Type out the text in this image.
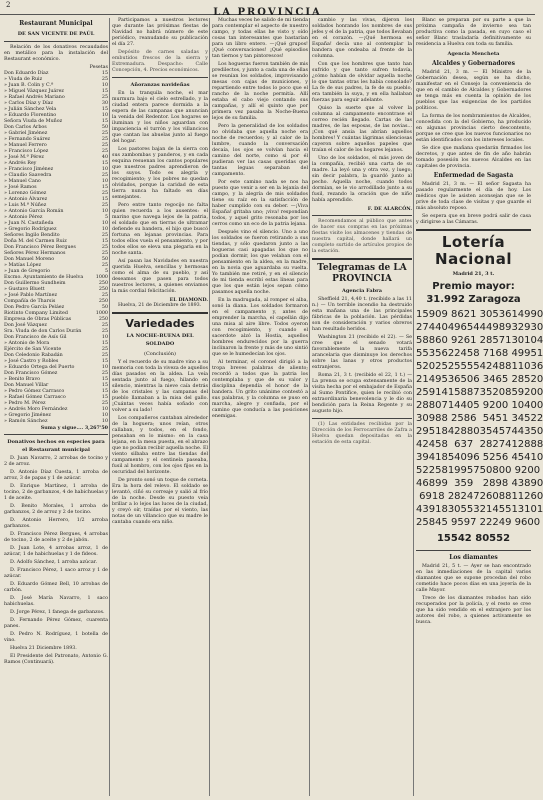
2
LA PROVINCIA
Restaurant Municipal
DE SAN VICENTE DE PAÚL

Relación de los donativos recaudados en metálico para la instalación del Restaurant económico.

Pesetas
Don Eduardo Díaz	15
» Viuda de Ruiz	25
» Juan B. Colin y C.ª	10
» Miguel Vázquez Juárez	15
» Rafael Andrés Mariano	25
» Carlos Díaz y Díaz	30
» Julián Sánchez Vela	15
» Eduardo Florentino	10
Señora Viuda de Muñoz	15
Don Carlos Arbos	50
» Gabriel Jiménez	25
» Fernando Suárez	25
» Manuel Ferrero	25
» Francisco López	25
» José M.ª Pérez	40
» Andrés Rey	15
» Francisco Jiménez	10
» Claudio Saavedra	25
» Manuel Cano	10
» José Ramos	15
» Lorenzo Gómez	25
» Antonio Álvarez	15
» Luis M.ª Núñez	25
» Antonio García Román	10
» Antonio Pérez	5
» Juan N. Castañeda	10
» Gregorio Rodríguez	10
Señores Ingilo Bendito	25
Doña M. del Carmen Ruiz	15
Don Francisco Pérez Bergues	25
Señores Pérez Hermanos	25
Don Manuel Moreno	50
» Matías López	25
» Juan de Gregorio	5
Excmo. Ayuntamiento de Huelva	1000
Don Guillermo Sundheim	250
» Gustavo Bluett	250
» José Pablo Martínez	25
Compañía de Tharsis	250
Don Pedro García Peláez	50
Riotinto Company Limited	1000
Empresa de Obras Públicas	250
Don José Vázquez	25
Sra. Viuda de don Carlos Durán	25
Don Francisco de Asís Gil	10
» Antonio de Mora	15
Ejército de San Vicente	25
Don Celedonio Rabadán	25
» José Castro y Robles	15
» Eduardo Ortega del Puerto	10
Don Francisco Gómez	25
» Benito Bravo	15
Don Manuel Villar	15
» Pedro Gómez Carrasco	15
» Rafael Gómez Carrasco	15
» Pedro M. Pérez	25
» Andrés Moro Fernández	10
» Gregorio Jiménez	10
» Ramón Sánchez	10
Suma y sigue.... 3,267'50
Donativos hechos en especies para el Restaurant municipal

D. Juan Navarro, 2 arrobas de tocino y 2 de arroz.

D. Antonio Díaz Cuesta, 1 arroba de arroz, 3 de papas y 1 de azúcar.

D. Enrique Martínez, 1 arroba de tocino, 2 de garbanzos, 4 de habichuelas y 1 de aceite.

D. Benito Morales, 1 arroba de garbanzos, 2 de arroz y 2 de tocino.

D. Antonio Herrero, 1/2 arroba garbanzos.

D. Francisco Pérez Bergues, 4 arrobas de tocino, 2 de aceite y 2 de jabón.

D. Juan Lote, 4 arrobas arroz, 1 de azúcar, 1 de habichuelas y 1 de fideos.

D. Adolfo Sánchez, 1 arroba azúcar.

D. Francisco Pérez, 1 saco arroz y 1 de azúcar.

D. Eduardo Gómez Bell, 10 arrobas de carbón.

D. José María Navarro, 1 saco habichuelas.

D. Jorge Pérez, 1 fanega de garbanzos.

D. Fernando Pérez Gómez, cuarenta panes.

D. Pedro N. Rodríguez, 1 botella de vino.

Huelva 21 Diciembre 1893.

El Presidente del Patronato, Antonio G. Ramos (Continuará).

Participamos a nuestros lectores que durante las próximas fiestas de Navidad no habrá número de este periódico, reanudando su publicación el día 27.

Depósito de carnes saladas y embutidos frescos de la sierra y Extremadura. Despacho: Calle Concepción, 4. Precios económicos.

Añoranzas navideñas

En la tranquila noche, el mar murmura bajo el cielo estrellado, y la ciudad entera parece dormida a la espera de las campanas que anuncian la venida del Redentor. Los hogares se iluminan y los niños aguardan con impaciencia el turrón y los villancicos que cantan las abuelas junto al fuego del hogar.

Los pastores bajan de la sierra con sus zambombas y panderos, y en cada esquina resuenan los cantos populares que nuestros padres aprendieron de los suyos. Todo es alegría y recogimiento; y los pobres no quedan olvidados, porque la caridad de esta tierra nunca ha faltado en días semejantes.

Pero entre tanto regocijo no falta quien recuerda a los ausentes: el marino que navega lejos de la patria, el soldado que en tierras de ultramar defiende su bandera, el hijo que buscó fortuna en lejanas provincias. Para todos ellos vuela el pensamiento, y por todos ellos se eleva una plegaria en la noche santa.

Así pasan las Navidades en nuestra querida Huelva, sencillas y hermosas como el alma de su pueblo, y así deseamos que pasen para todos nuestros lectores, a quienes enviamos la más cordial felicitación.

EL DIAMOND.

Huelva, 21 de Diciembre de 1893.

Variedades
LA NOCHE-BUENA DEL SOLDADO
(Conclusión)

Y el recuerdo de su madre vino a su memoria con toda la viveza de aquellos días pasados en la aldea. La veía sentada junto al fuego, hilando en silencio, mientras la nieve caía detrás de los cristales y las campanas del pueblo llamaban a la misa del gallo. ¡Cuántas veces había soñado con volver a su lado!

Los compañeros cantaban alrededor de la hoguera; unos reían, otros callaban, y todos, en el fondo, pensaban en lo mismo: en la casa lejana, en la mesa puesta, en el abrazo que no podían recibir aquella noche. El viento silbaba entre las tiendas del campamento y el centinela paseaba, fusil al hombro, con los ojos fijos en la oscuridad del horizonte.

De pronto sonó un toque de corneta. Era la hora del relevo. El soldado se levantó, ciñó su correaje y salió al frío de la noche. Desde su puesto veía brillar a lo lejos las luces de la ciudad, y creyó oír, traídas por el viento, las notas de un villancico que su madre le cantaba cuando era niño.

Muchas veces he salido de mi tienda para contemplar el aspecto de nuestro campo, y todas ellas he visto y oído cosas tan interesantes que bastarían para un libro entero. —¡Qué grupos! ¡Qué conversaciones! ¡Qué episodios tan tiernos y tan pintorescos!

Los hogueras fueron también de mis predilectos, y junto a cada una de ellas se reunían los soldados, improvisando mesas con cajas de municiones, y repartiendo entre todos lo poco que el rancho de la noche permitía. Allí estaba el cabo viejo contando sus campañas, y allí el quinto que por primera vez pasaba la Noche-Buena lejos de su familia.

Pero la generalidad de los soldados no olvidaba que aquella noche era noche de recuerdos; y al calor de la lumbre, cuando la conversación decaía, los ojos se volvían hacia el camino del norte, como si por él pudieran ver las casas queridas que tantas leguas separaban del campamento.

Por este camino nada se nos ha puesto que venir a ser en la lejanía del campo, y la alegría de mis soldados tiene su raíz en la satisfacción de haber cumplido con su deber. —¡Viva España! gritaba uno; ¡viva! respondían todos, y aquel grito resonaba por los cerros como un eco de la patria lejana.

Después vino el silencio. Uno a uno los soldados se fueron retirando a sus tiendas, y sólo quedaron junto a las hogueras casi apagadas los que no podían dormir, los que velaban con el pensamiento en la aldea, en la madre, en la novia que aguardaba su vuelta. Yo también me retiré, y en el silencio de mi tienda escribí estas líneas para que los que están lejos sepan cómo pasamos aquella noche.

En la madrugada, al romper el alba, sonó la diana. Los soldados formaron en el campamento y, antes de emprender la marcha, el capellán dijo una misa al aire libre. Todos oyeron con recogimiento, y cuando el sacerdote alzó la Hostia, aquellos hombres endurecidos por la guerra inclinaron la frente y más de uno sintió que se le humedecían los ojos.

Al terminar, el coronel dirigió a la tropa breves palabras de aliento; recordó a todos que la patria los contemplaba y que de su valor y disciplina dependía el honor de la bandera. Un grito unánime contestó a sus palabras, y la columna se puso en marcha, alegre y confiada, por el camino que conducía a las posiciones enemigas.

cambio y las vivas, dijeron los soldados honrando los nombres de sus jefes y el de la patria, que todos llevaban en el corazón. —¡Qué hermosa es España! decía uno al contemplar la bandera que ondeaba al frente de la columna.

Con que los hombres que tanto han sufrido y que tanto sufren todavía, ¿cómo habían de olvidar aquella noche lo que tantas otras les había consolado? La fe de sus padres, la fe de su pueblo, era también la suya, y en ella hallaban fuerzas para seguir adelante.

Quiso la suerte que al volver la columna al campamento encontrase el correo recién llegado. Cartas de las madres, de las esposas, de las novias... ¡Con qué ansia las abrían aquellos hombres! Y cuántas lágrimas silenciosas cayeron sobre aquellos papeles que traían el calor de los hogares lejanos.

Uno de los soldados, el más joven de la compañía, recibió una carta de su madre. La leyó una y otra vez, y luego, sin decir palabra, la guardó junto al pecho. Aquella noche, cuando todos dormían, se le vio arrodillado junto a su fusil, rezando la oración que de niño había aprendido.

F. DE ALARCÓN.

Recomendamos al público que antes de hacer sus compras en las próximas fiestas visite los almacenes y tiendas de nuestra capital, donde hallará un completo surtido de artículos propios de la estación.

Telegramas de LA PROVINCIA
Agencia Fabra

Sheffield 21, 4,40 t. (recibido a las 11 n.) — Un terrible incendio ha destruido esta mañana una de las principales fábricas de la población. Las pérdidas son de consideración y varios obreros han resultado heridos.

Washington 21 (recibido el 22). — Se cree que el senado votará favorablemente la nueva tarifa arancelaria que disminuye los derechos sobre las lanas y otros productos extranjeros.

Roma 21, 3 t. (recibido el 22, 1 t.) — La prensa se ocupa extensamente de la visita hecha por el embajador de España al Sumo Pontífice, quien le recibió con extraordinaria benevolencia y le dio su bendición para la Reina Regente y su augusto hijo.

(1) Las entidades recibidas por la Dirección de los Ferrocarriles de Zafra a Huelva quedan depositadas en la estación de esta capital.

Blanc se preparan por su parte a que la próxima campaña de invierno sea tan productiva como la pasada, en cuyo caso el señor Blanc trasladaría definitivamente su residencia a Huelva con toda su familia.

Agencia Mencheta
Alcaldes y Gobernadores

Madrid 21, 3 m. — El Ministro de la Gobernación desea, según se ha dicho, manifestar en el Consejo la conveniencia de que en el cambio de Alcaldes y Gobernadores se tenga más en cuenta la opinión de los pueblos que las exigencias de los partidos políticos.

La forma de los nombramientos de Alcaldes, concedida con la del Gobierno, ha producido en algunas provincias cierto descontento, porque se cree que los nuevos funcionarios no están identificados con los intereses locales.

Se dice que mañana quedarán firmados los decretos, y que antes de fin de año habrán tomado posesión los nuevos Alcaldes en las capitales de provincia.

Enfermedad de Sagasta

Madrid 21, 3 m. — El señor Sagasta ha pasado regularmente el día de hoy. Los médicos que le asisten aconsejan que se le prive de toda clase de visitas y que guarde el más absoluto reposo.

Se espera que en breve podrá salir de casa y dirigirse a las Cámaras.

Lotería Nacional
Madrid 21, 3 t.
Premio mayor: 31.992 Zaragoza
15909 8621 30536 14990
27440 49654 44989 32930
58860 9261 28571 30104
55356 22458 7168 49951
52025 25555 42488 11036
21495 36506 3465 28520
25914 15887 35208 59200
28807 14405 9200 10400
30988 2586 5451 34522
29518 42880 35457 44350
42458 637 28274 12888
39418 54096 5256 45410
52258 19957 50800 9200
46899 359 2898 43890
6918 28247 26088 11260
43918 30553 21455 13101
25845 9597 22249 9600
15542 80552
Los diamantes

Madrid 21, 5 t. — Ayer se han encontrado en las inmediaciones de la capital varios diamantes que se supone procedan del robo cometido hace pocos días en una joyería de la calle Mayor.

Trece de los diamantes robados han sido recuperados por la policía, y el resto se cree que ha sido vendido en el extranjero por los autores del robo, a quienes activamente se busca.
